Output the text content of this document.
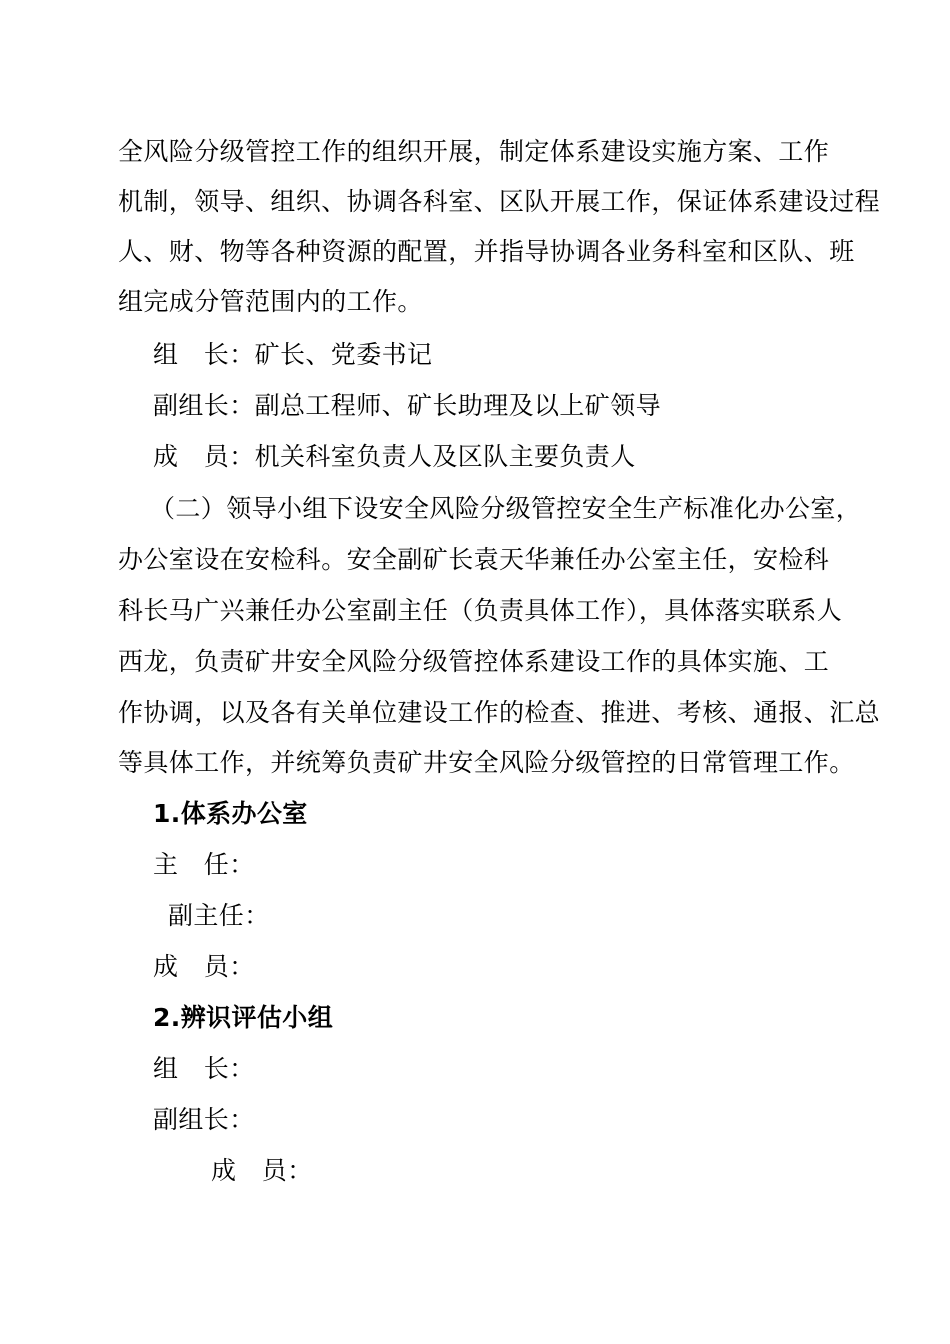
全风险分级管控工作的组织开展，制定体系建设实施方案、工作
机制，领导、组织、协调各科室、区队开展工作，保证体系建设过程
人、财、物等各种资源的配置，并指导协调各业务科室和区队、班
组完成分管范围内的工作。
组　长：矿长、党委书记
副组长：副总工程师、矿长助理及以上矿领导
成　员：机关科室负责人及区队主要负责人
（二）领导小组下设安全风险分级管控安全生产标准化办公室，
办公室设在安检科。安全副矿长袁天华兼任办公室主任，安检科
科长马广兴兼任办公室副主任（负责具体工作），具体落实联系人
西龙，负责矿井安全风险分级管控体系建设工作的具体实施、工
作协调，以及各有关单位建设工作的检查、推进、考核、通报、汇总
等具体工作，并统筹负责矿井安全风险分级管控的日常管理工作。
1.体系办公室
主　任：
副主任：
成　员：
2.辨识评估小组
组　长：
副组长：
成　员：
